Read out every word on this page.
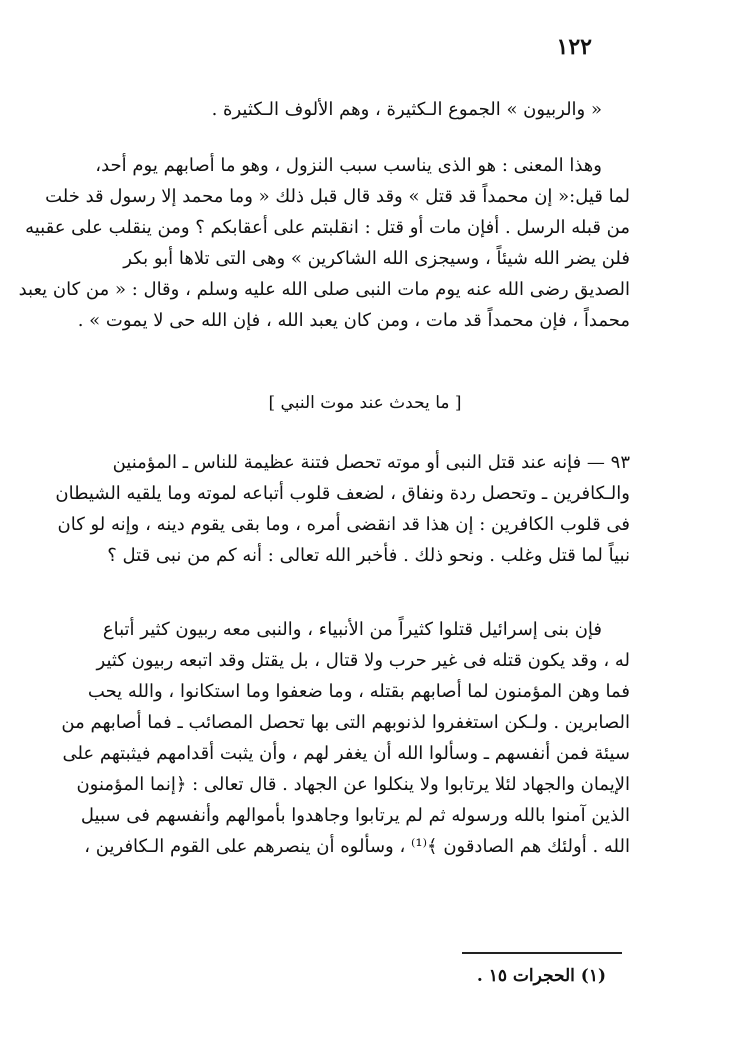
١٢٢
« والربيون » الجموع الـكثيرة ، وهم الألوف الـكثيرة .
وهذا المعنى : هو الذى يناسب سبب النزول ، وهو ما أصابهم يوم أحد،
لما قيل:« إن محمداً قد قتل » وقد قال قبل ذلك « وما محمد إلا رسول قد خلت
من قبله الرسل . أفإن مات أو قتل : انقلبتم على أعقابكم ؟ ومن ينقلب على عقبيه
فلن يضر الله شيئاً ، وسيجزى الله الشاكرين » وهى التى تلاها أبو بكر
الصديق رضى الله عنه يوم مات النبى صلى الله عليه وسلم ، وقال : « من كان يعبد
محمداً ، فإن محمداً قد مات ، ومن كان يعبد الله ، فإن الله حى لا يموت » .
[ ما يحدث عند موت النبي ]
٩٣ — فإنه عند قتل النبى أو موته تحصل فتنة عظيمة للناس ـ المؤمنين
والـكافرين ـ وتحصل ردة ونفاق ، لضعف قلوب أتباعه لموته وما يلقيه الشيطان
فى قلوب الكافرين : إن هذا قد انقضى أمره ، وما بقى يقوم دينه ، وإنه لو كان
نبياً لما قتل وغلب . ونحو ذلك . فأخبر الله تعالى : أنه كم من نبى قتل ؟
فإن بنى إسرائيل قتلوا كثيراً من الأنبياء ، والنبى معه ربيون كثير أتباع
له ، وقد يكون قتله فى غير حرب ولا قتال ، بل يقتل وقد اتبعه ربيون كثير
فما وهن المؤمنون لما أصابهم بقتله ، وما ضعفوا وما استكانوا ، والله يحب
الصابرين . ولـكن استغفروا لذنوبهم التى بها تحصل المصائب ـ فما أصابهم من
سيئة فمن أنفسهم ـ وسألوا الله أن يغفر لهم ، وأن يثبت أقدامهم فيثبتهم على
الإيمان والجهاد لئلا يرتابوا ولا ينكلوا عن الجهاد . قال تعالى : ﴿إنما المؤمنون
الذين آمنوا بالله ورسوله ثم لم يرتابوا وجاهدوا بأموالهم وأنفسهم فى سبيل
الله . أولئك هم الصادقون ﴾⁽¹⁾ ، وسألوه أن ينصرهم على القوم الـكافرين ،
(١) الحجرات ١٥ .
